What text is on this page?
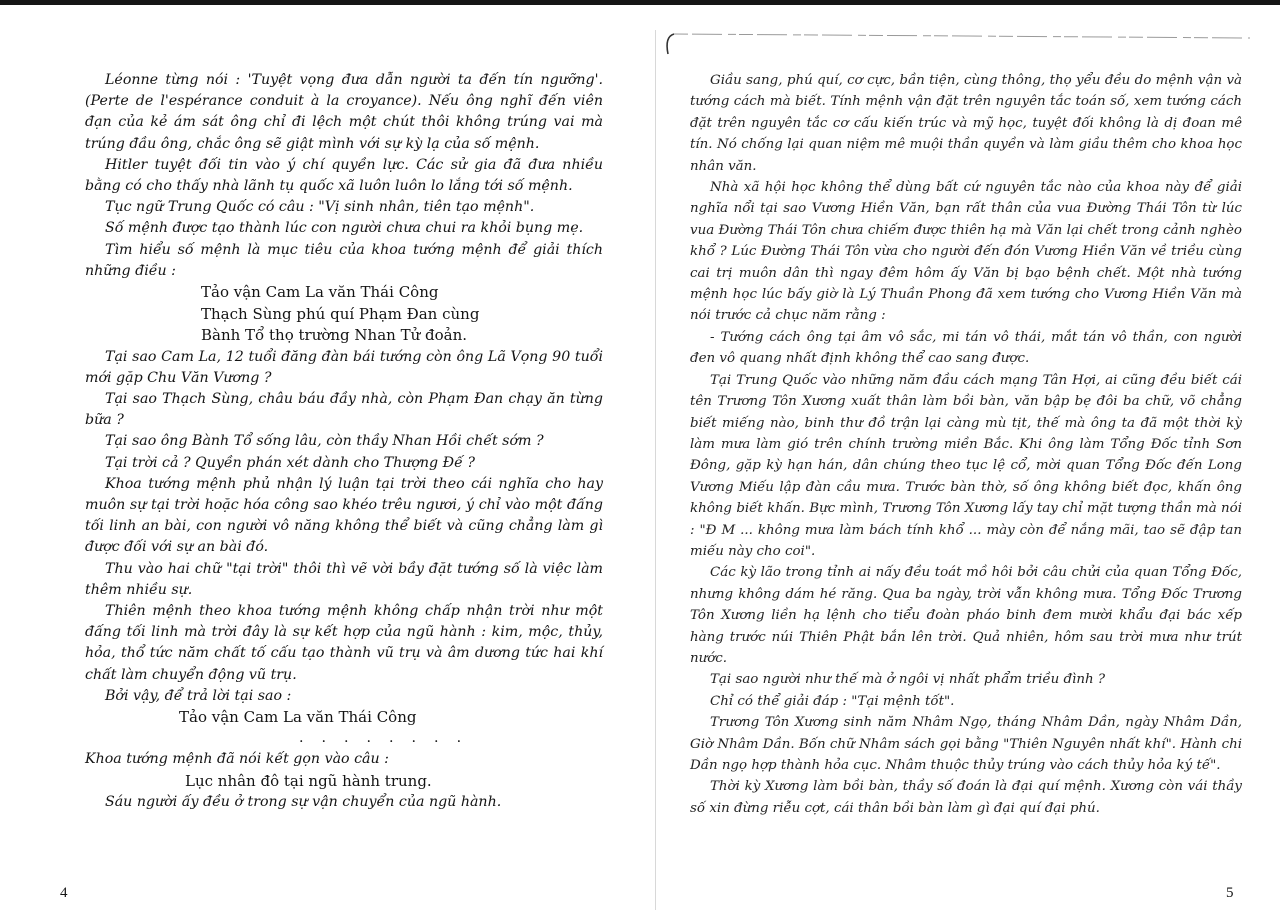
Léonne từng nói : 'Tuyệt vọng đưa dẫn người ta đến tín ngưỡng'. (Perte de l'espérance conduit à la croyance). Nếu ông nghĩ đến viên đạn của kẻ ám sát ông chỉ đi lệch một chút thôi không trúng vai mà trúng đầu ông, chắc ông sẽ giật mình với sự kỳ lạ của số mệnh.

Hitler tuyệt đối tin vào ý chí quyền lực. Các sử gia đã đưa nhiều bằng có cho thấy nhà lãnh tụ quốc xã luôn luôn lo lắng tới số mệnh.

Tục ngữ Trung Quốc có câu : "Vị sinh nhân, tiên tạo mệnh".

Số mệnh được tạo thành lúc con người chưa chui ra khỏi bụng mẹ.

Tìm hiểu số mệnh là mục tiêu của khoa tướng mệnh để giải thích những điều :

Tảo vận Cam La văn Thái Công
Thạch Sùng phú quí Phạm Đan cùng
Bành Tổ thọ trường Nhan Tử đoản.

Tại sao Cam La, 12 tuổi đăng đàn bái tướng còn ông Lã Vọng 90 tuổi mới gặp Chu Văn Vương ?

Tại sao Thạch Sùng, châu báu đầy nhà, còn Phạm Đan chạy ăn từng bữa ?

Tại sao ông Bành Tổ sống lâu, còn thầy Nhan Hồi chết sớm ?

Tại trời cả ? Quyền phán xét dành cho Thượng Đế ?

Khoa tướng mệnh phủ nhận lý luận tại trời theo cái nghĩa cho hay muôn sự tại trời hoặc hóa công sao khéo trêu ngươi, ý chỉ vào một đấng tối linh an bài, con người vô năng không thể biết và cũng chẳng làm gì được đối với sự an bài đó.

Thu vào hai chữ "tại trời" thôi thì vẽ vời bầy đặt tướng số là việc làm thêm nhiều sự.

Thiên mệnh theo khoa tướng mệnh không chấp nhận trời như một đấng tối linh mà trời đây là sự kết hợp của ngũ hành : kim, mộc, thủy, hỏa, thổ tức năm chất tố cấu tạo thành vũ trụ và âm dương tức hai khí chất làm chuyển động vũ trụ.

Bởi vậy, để trả lời tại sao :

Tảo vận Cam La văn Thái Công
........

Khoa tướng mệnh đã nói kết gọn vào câu :

Lục nhân đô tại ngũ hành trung.

Sáu người ấy đều ở trong sự vận chuyển của ngũ hành.

4

Giầu sang, phú quí, cơ cực, bần tiện, cùng thông, thọ yểu đều do mệnh vận và tướng cách mà biết. Tính mệnh vận đặt trên nguyên tắc toán số, xem tướng cách đặt trên nguyên tắc cơ cấu kiến trúc và mỹ học, tuyệt đối không là dị đoan mê tín. Nó chống lại quan niệm mê muội thần quyền và làm giầu thêm cho khoa học nhân văn.

Nhà xã hội học không thể dùng bất cứ nguyên tắc nào của khoa này để giải nghĩa nổi tại sao Vương Hiền Văn, bạn rất thân của vua Đường Thái Tôn từ lúc vua Đường Thái Tôn chưa chiếm được thiên hạ mà Văn lại chết trong cảnh nghèo khổ ? Lúc Đường Thái Tôn vừa cho người đến đón Vương Hiền Văn về triều cùng cai trị muôn dân thì ngay đêm hôm ấy Văn bị bạo bệnh chết. Một nhà tướng mệnh học lúc bấy giờ là Lý Thuần Phong đã xem tướng cho Vương Hiền Văn mà nói trước cả chục năm rằng :

- Tướng cách ông tại âm vô sắc, mi tán vô thái, mắt tán vô thần, con người đen vô quang nhất định không thể cao sang được.

Tại Trung Quốc vào những năm đầu cách mạng Tân Hợi, ai cũng đều biết cái tên Trương Tôn Xương xuất thân làm bồi bàn, văn bập bẹ đôi ba chữ, võ chẳng biết miếng nào, binh thư đồ trận lại càng mù tịt, thế mà ông ta đã một thời kỳ làm mưa làm gió trên chính trường miền Bắc. Khi ông làm Tổng Đốc tỉnh Sơn Đông, gặp kỳ hạn hán, dân chúng theo tục lệ cổ, mời quan Tổng Đốc đến Long Vương Miếu lập đàn cầu mưa. Trước bàn thờ, số ông không biết đọc, khấn ông không biết khấn. Bực mình, Trương Tôn Xương lấy tay chỉ mặt tượng thần mà nói : "Đ M ... không mưa làm bách tính khổ ... mày còn để nắng mãi, tao sẽ đập tan miếu này cho coi".

Các kỳ lão trong tỉnh ai nấy đều toát mồ hôi bởi câu chửi của quan Tổng Đốc, nhưng không dám hé răng. Qua ba ngày, trời vẫn không mưa. Tổng Đốc Trương Tôn Xương liền hạ lệnh cho tiểu đoàn pháo binh đem mười khẩu đại bác xếp hàng trước núi Thiên Phật bắn lên trời. Quả nhiên, hôm sau trời mưa như trút nước.

Tại sao người như thế mà ở ngôi vị nhất phẩm triều đình ?

Chỉ có thể giải đáp : "Tại mệnh tốt".

Trương Tôn Xương sinh năm Nhâm Ngọ, tháng Nhâm Dần, ngày Nhâm Dần, Giờ Nhâm Dần. Bốn chữ Nhâm sách gọi bằng "Thiên Nguyên nhất khí". Hành chi Dần ngọ hợp thành hỏa cục. Nhâm thuộc thủy trúng vào cách thủy hỏa ký tế".

Thời kỳ Xương làm bồi bàn, thầy số đoán là đại quí mệnh. Xương còn vái thầy số xin đừng riễu cợt, cái thân bồi bàn làm gì đại quí đại phú.

5
